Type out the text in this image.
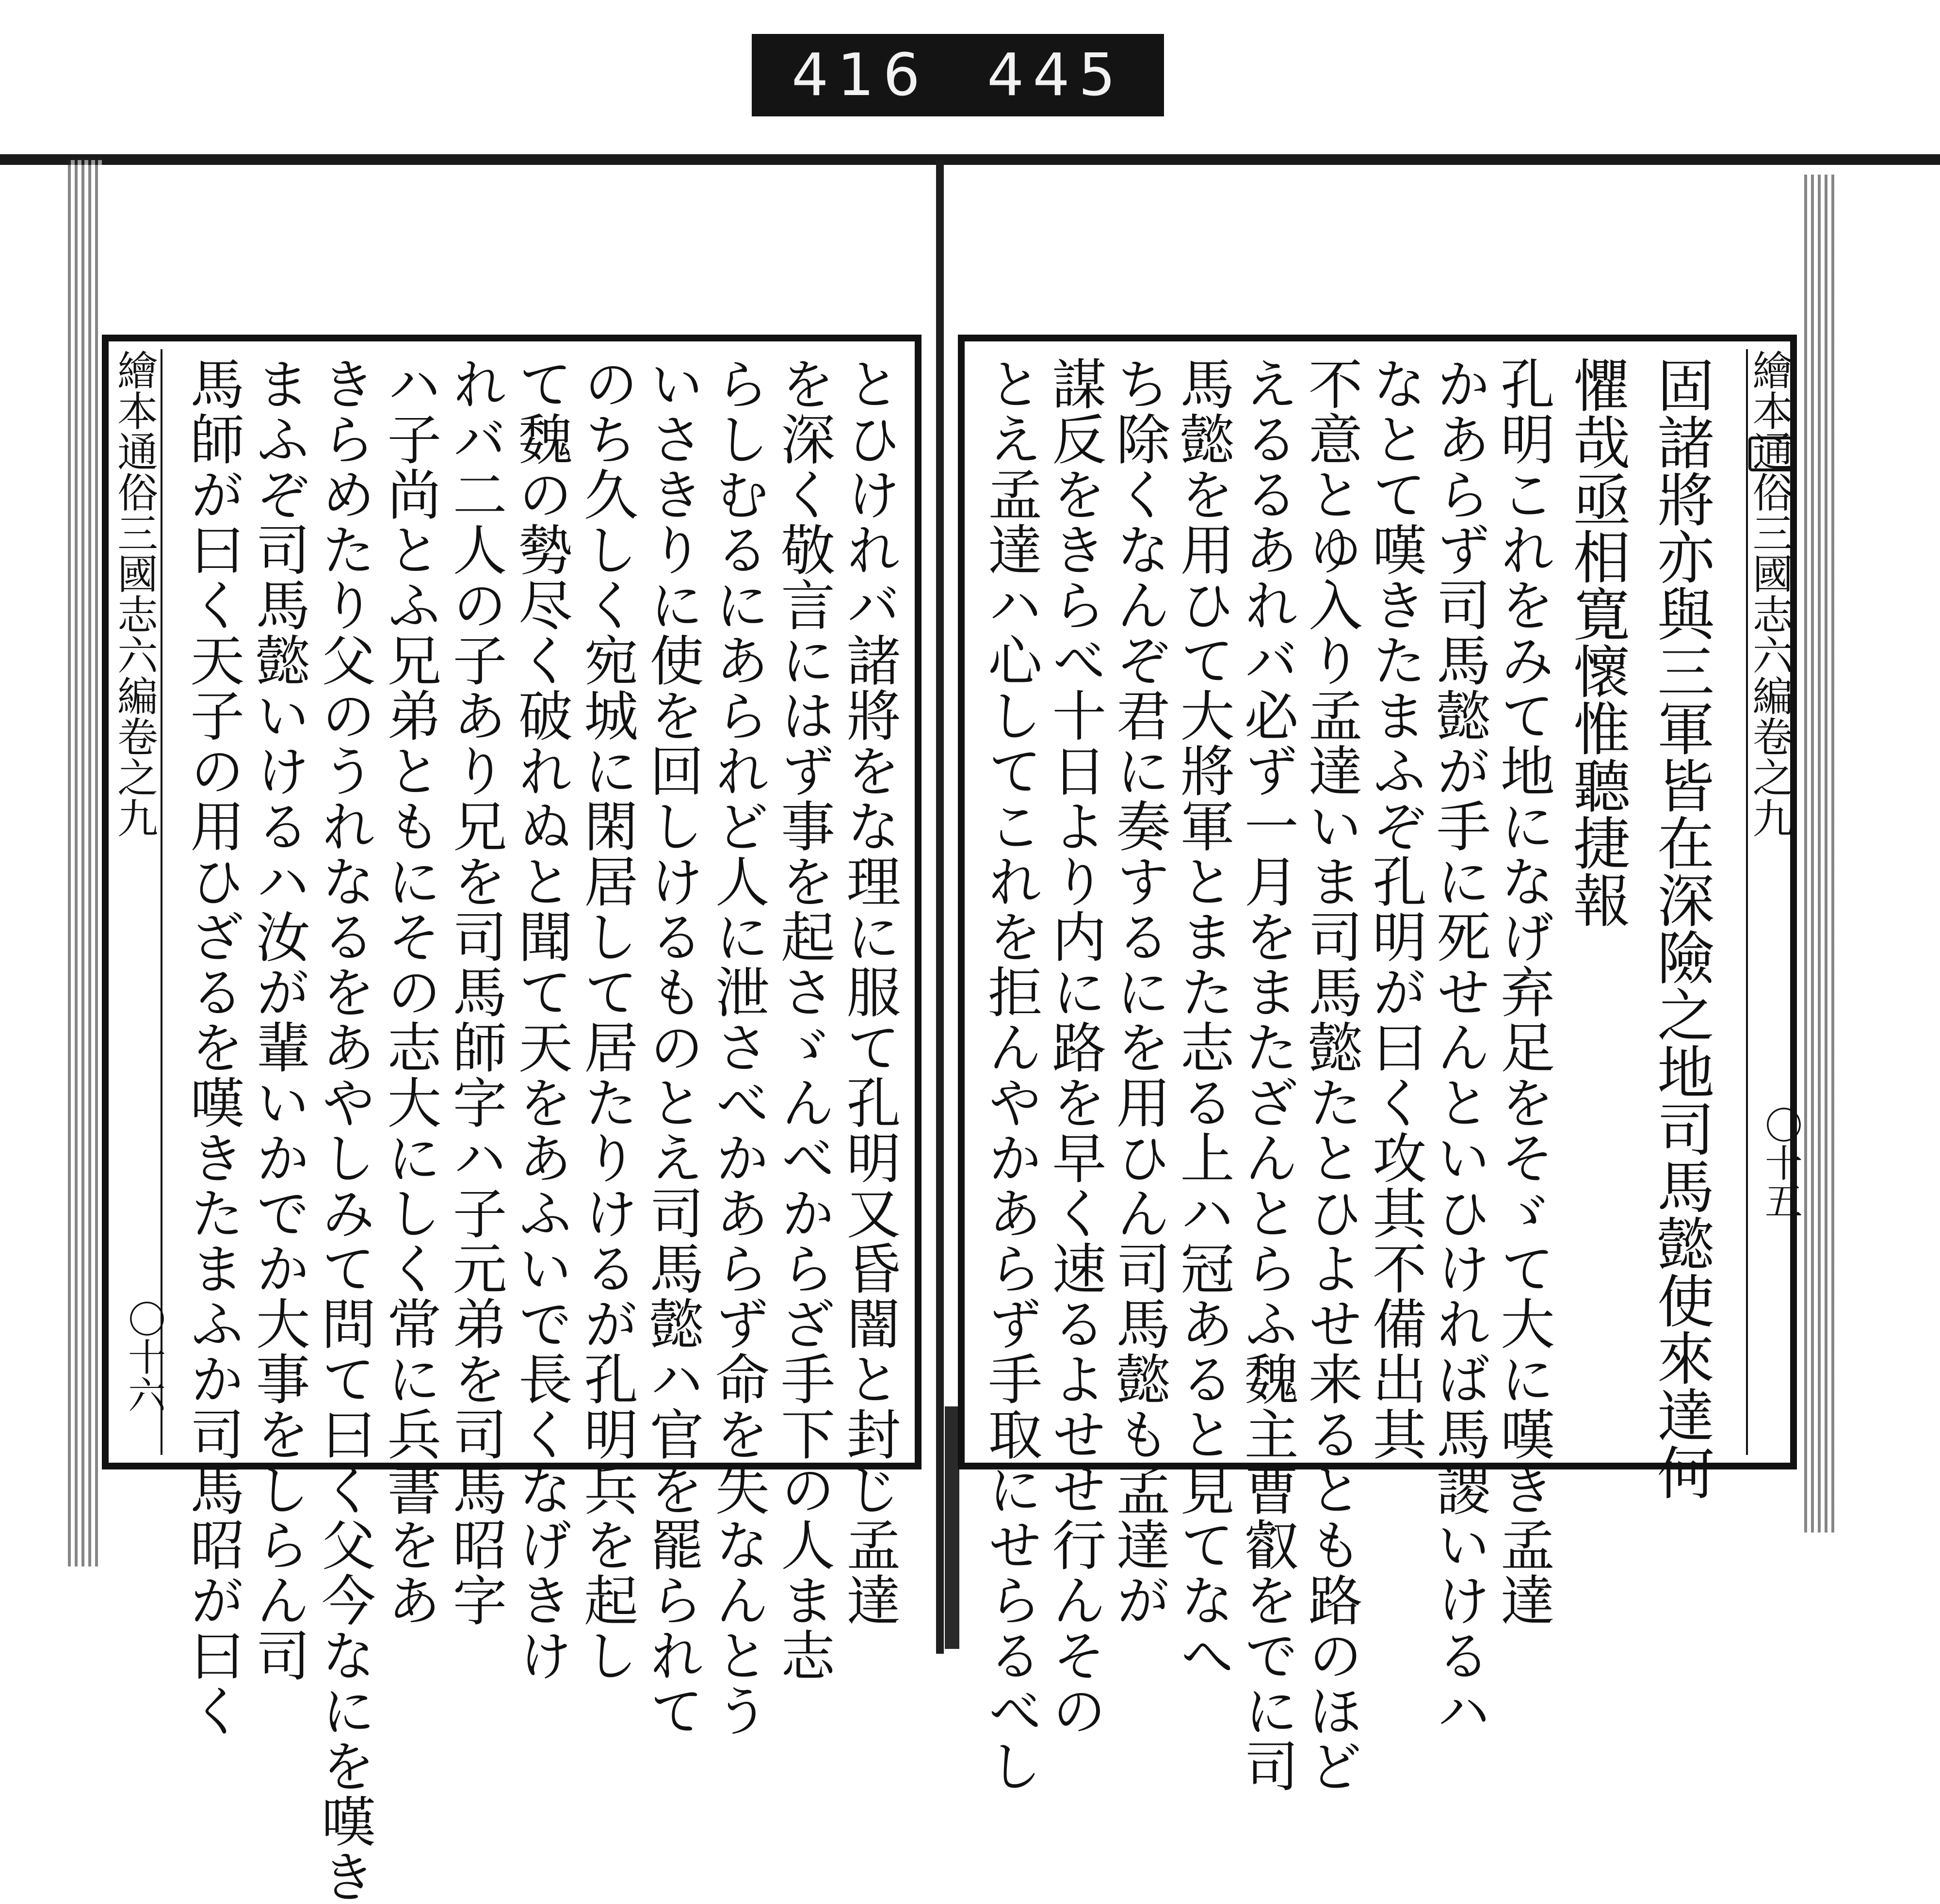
416 445
とひけれバ諸將をな理に服て孔明又昏闇と封じ孟達
を深く敬言にはず事を起さゞんべからざ手下の人ま志
らしむるにあられど人に泄さべかあらず命を失なんとう
いさきりに使を回しけるものとえ司馬懿ハ官を罷られて
のち久しく宛城に閑居して居たりけるが孔明兵を起し
て魏の勢尽く破れぬと聞て天をあふいで長くなげきけ
れバ二人の子あり兄を司馬師字ハ子元弟を司馬昭字
ハ子尚とふ兄弟ともにその志大にしく常に兵書をあ
きらめたり父のうれなるをあやしみて問て曰く父今なにを嘆き
まふぞ司馬懿いけるハ汝が輩いかでか大事をしらん司
馬師が曰く天子の用ひざるを嘆きたまふか司馬昭が曰く
繪本通俗三國志六編卷之九
〇十六	固諸將亦與三軍皆在深險之地司馬懿使來達何
懼哉亟相寛懷惟聽捷報
孔明これをみて地になげ弃足をそゞて大に嘆き孟達
かあらず司馬懿が手に死せんといひければ馬謖いけるハ
なとて嘆きたまふぞ孔明が曰く攻其不備出其
不意とゆ入り孟達いま司馬懿たとひよせ来るとも路のほど
えるるあれバ必ず一月をまたざんとらふ魏主曹叡をでに司
馬懿を用ひて大將軍とまた志る上ハ冠あると見てなへ
ち除くなんぞ君に奏するにを用ひん司馬懿も孟達が
謀反をきらべ十日より内に路を早く速るよせせ行んその
とえ孟達ハ心してこれを拒んやかあらず手取にせらるべし	繪本通俗三國志六編卷之九
〇十五
